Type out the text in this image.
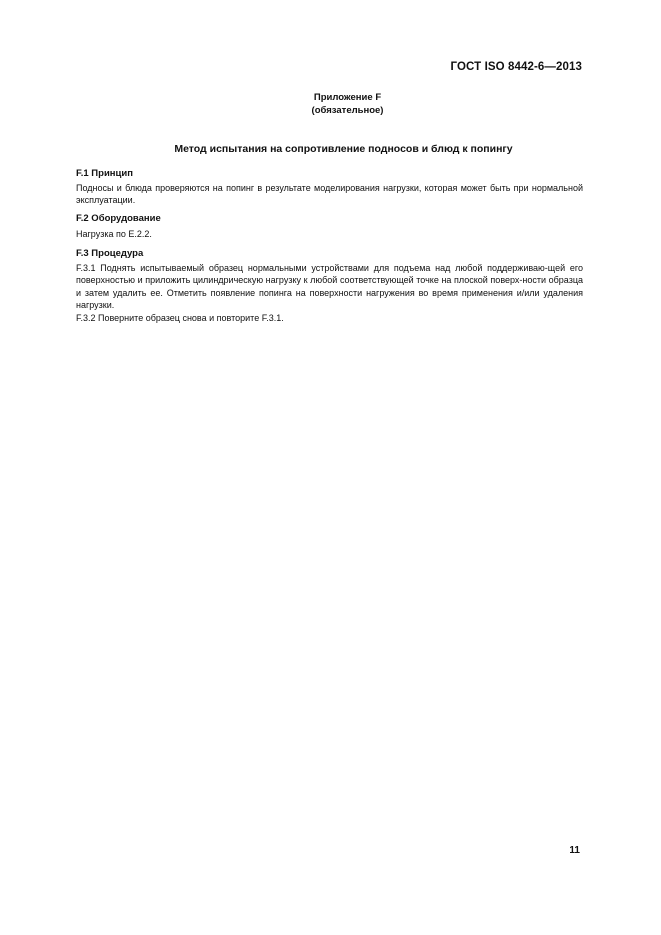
ГОСТ ISO 8442-6—2013
Приложение F
(обязательное)
Метод испытания на сопротивление подносов и блюд к попингу
F.1 Принцип

Подносы и блюда проверяются на попинг в результате моделирования нагрузки, которая может быть при нормальной эксплуатации.

F.2 Оборудование

Нагрузка по Е.2.2.

F.3 Процедура

F.3.1 Поднять испытываемый образец нормальными устройствами для подъема над любой поддерживаю-щей его поверхностью и приложить цилиндрическую нагрузку к любой соответствующей точке на плоской поверх-ности образца и затем удалить ее. Отметить появление попинга на поверхности нагружения во время применения и/или удаления нагрузки.

F.3.2 Поверните образец снова и повторите F.3.1.

11
